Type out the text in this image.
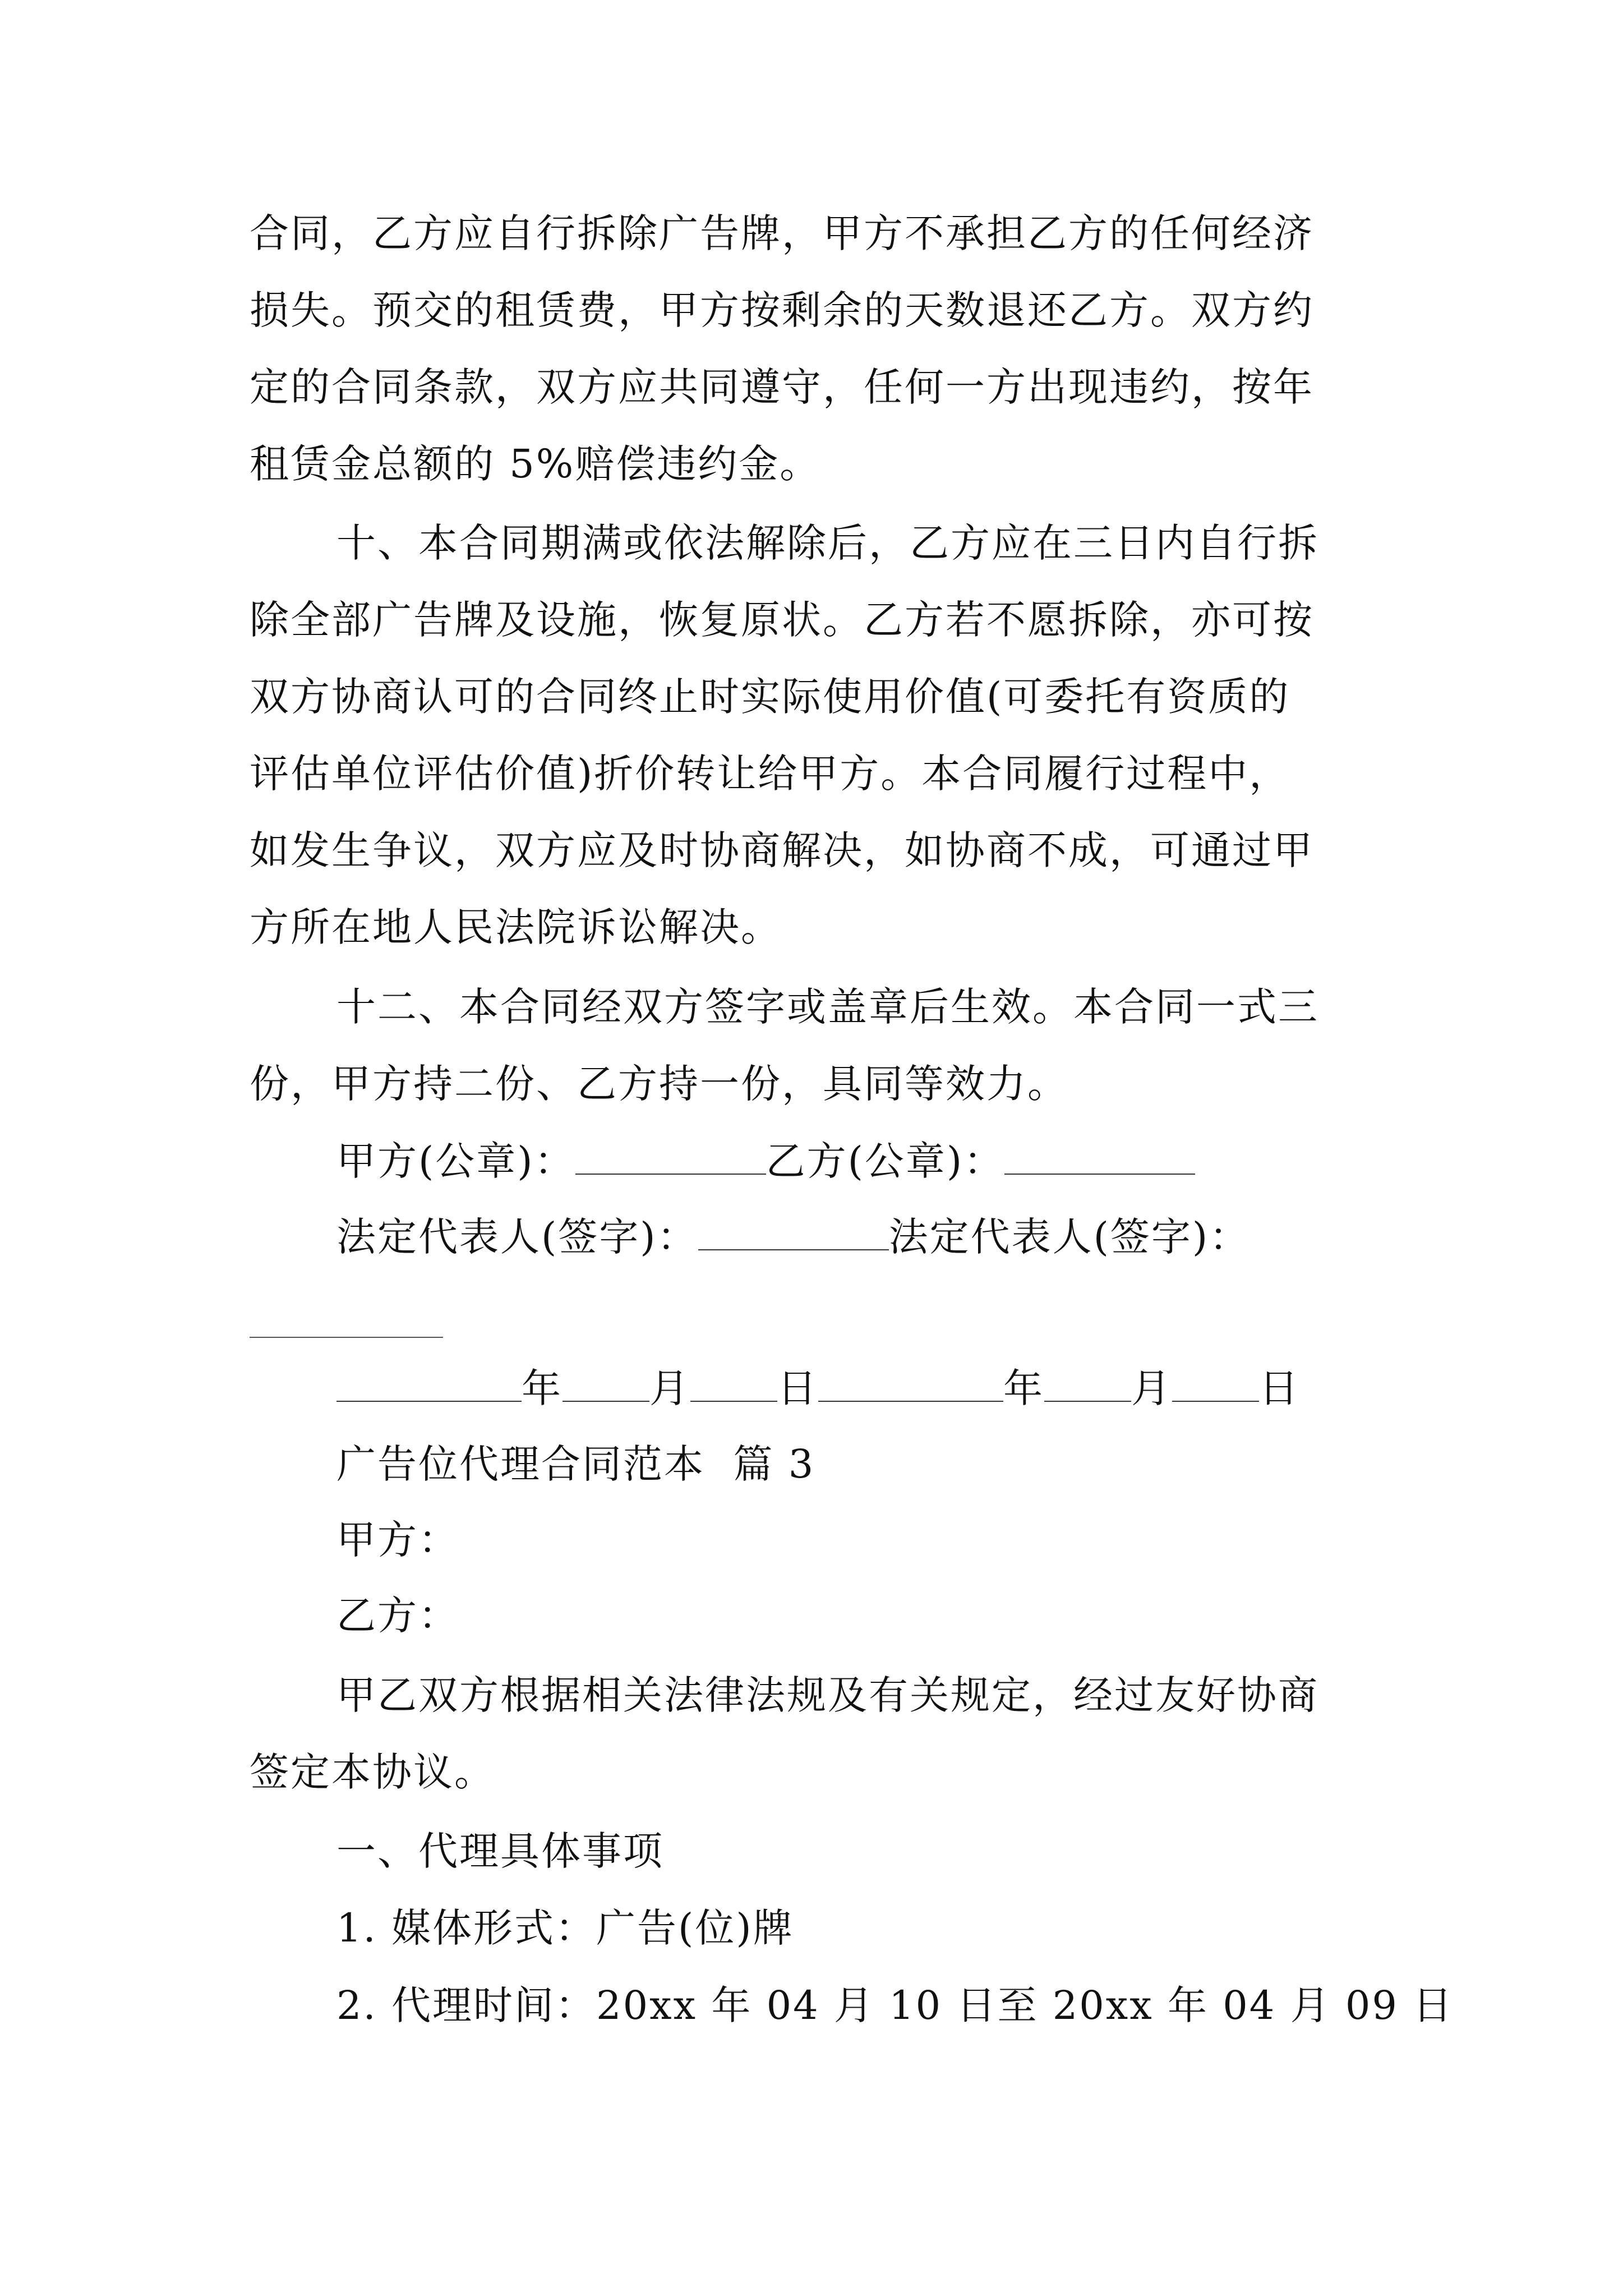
合同，乙方应自行拆除广告牌，甲方不承担乙方的任何经济
损失。预交的租赁费，甲方按剩余的天数退还乙方。双方约
定的合同条款，双方应共同遵守，任何一方出现违约，按年
租赁金总额的 5%赔偿违约金。
十、本合同期满或依法解除后，乙方应在三日内自行拆
除全部广告牌及设施，恢复原状。乙方若不愿拆除，亦可按
双方协商认可的合同终止时实际使用价值(可委托有资质的
评估单位评估价值)折价转让给甲方。本合同履行过程中，
如发生争议，双方应及时协商解决，如协商不成，可通过甲
方所在地人民法院诉讼解决。
十二、本合同经双方签字或盖章后生效。本合同一式三
份，甲方持二份、乙方持一份，具同等效力。
甲方(公章)：	乙方(公章)：
法定代表人(签字)：	法定代表人(签字)：
年 月 日	年 月 日
广告位代理合同范本  篇 3
甲方：
乙方：
甲乙双方根据相关法律法规及有关规定，经过友好协商
签定本协议。
一、代理具体事项
1. 媒体形式：广告(位)牌
2. 代理时间：20xx 年 04 月 10 日至 20xx 年 04 月 09 日
